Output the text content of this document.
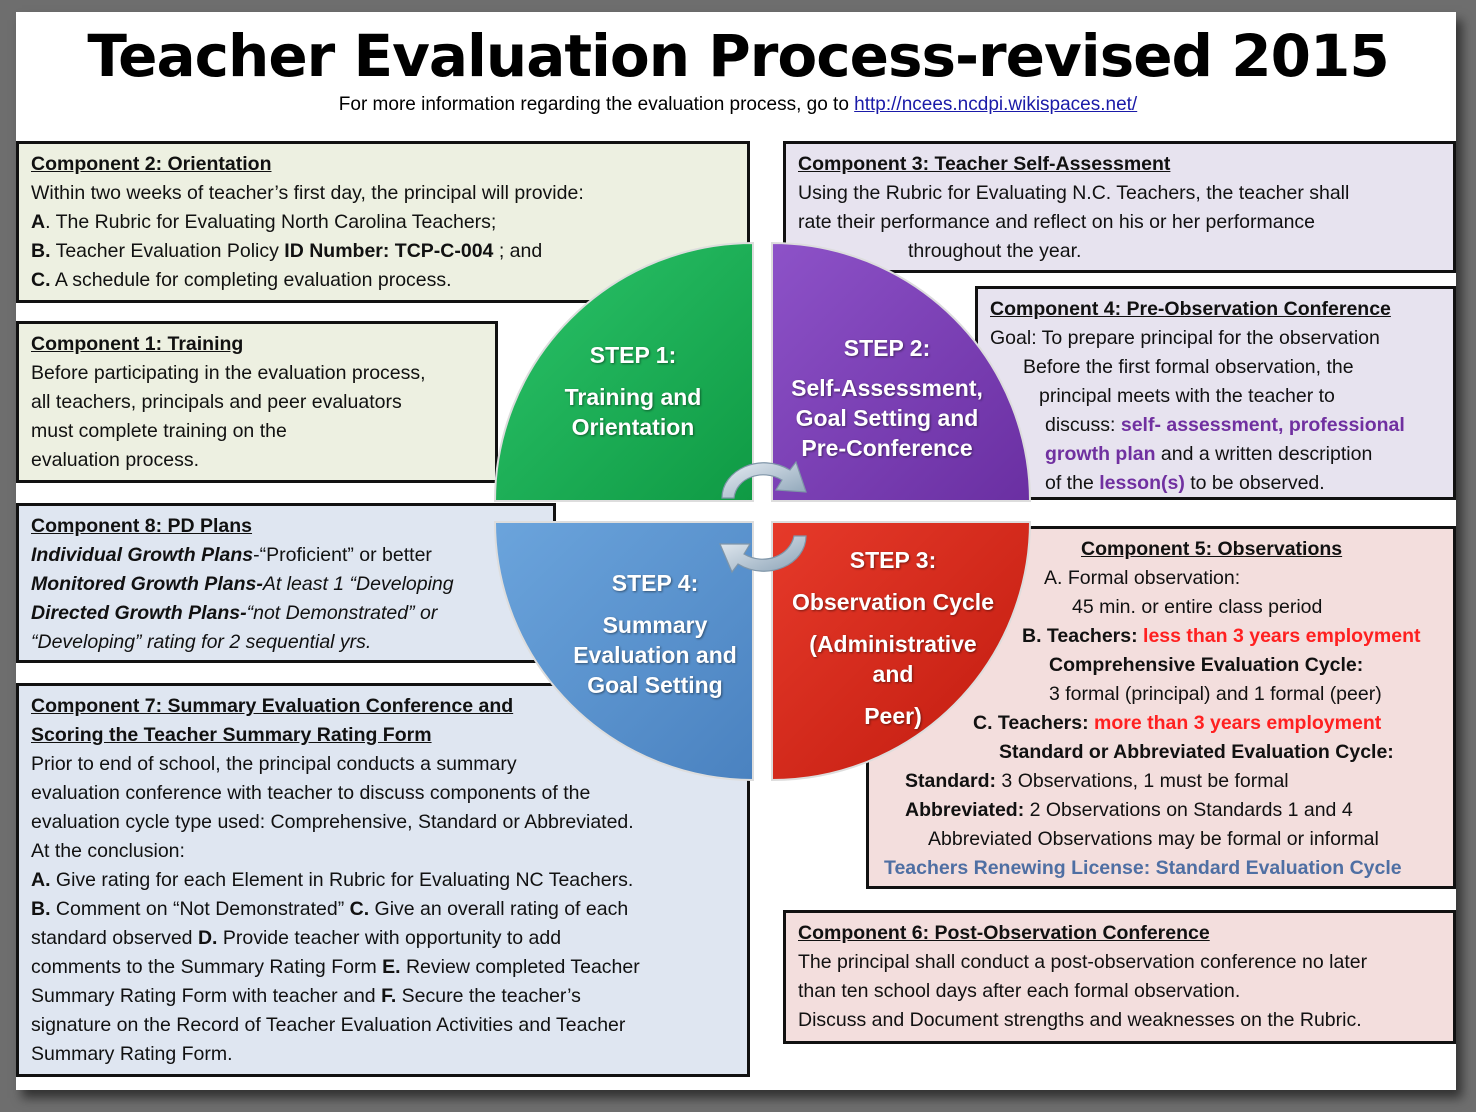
Teacher Evaluation Process-revised 2015
For more information regarding the evaluation process, go to http://ncees.ncdpi.wikispaces.net/
Component 2: Orientation
Within two weeks of teacher’s first day, the principal will provide:
A. The Rubric for Evaluating North Carolina Teachers;
B. Teacher Evaluation Policy ID Number: TCP-C-004 ; and
C. A schedule for completing evaluation process.
Component 1: Training
Before participating in the evaluation process,
all teachers, principals and peer evaluators
must complete training on the
evaluation process.
Component 8: PD Plans
Individual Growth Plans-“Proficient” or better
Monitored Growth Plans-At least 1 “Developing
Directed Growth Plans-“not Demonstrated” or
“Developing” rating for 2 sequential yrs.
Component 7: Summary Evaluation Conference and
Scoring the Teacher Summary Rating Form
Prior to end of school, the principal conducts a summary
evaluation conference with teacher to discuss components of the
evaluation cycle type used: Comprehensive, Standard or Abbreviated.
At the conclusion:
A. Give rating for each Element in Rubric for Evaluating NC Teachers.
B. Comment on “Not Demonstrated” C. Give an overall rating of each
standard observed D. Provide teacher with opportunity to add
comments to the Summary Rating Form E. Review completed Teacher
Summary Rating Form with teacher and F. Secure the teacher’s
signature on the Record of Teacher Evaluation Activities and Teacher
Summary Rating Form.
Component 3: Teacher Self-Assessment
Using the Rubric for Evaluating N.C. Teachers, the teacher shall
rate their performance and reflect on his or her performance
throughout the year.
Component 4: Pre-Observation Conference
Goal: To prepare principal for the observation
Before the first formal observation, the
principal meets with the teacher to
discuss: self- assessment, professional
growth plan and a written description
of the lesson(s) to be observed.
Component 5: Observations
A. Formal observation:
45 min. or entire class period
B. Teachers: less than 3 years employment
Comprehensive Evaluation Cycle:
3 formal (principal) and 1 formal (peer)
C. Teachers: more than 3 years employment
Standard or Abbreviated Evaluation Cycle:
Standard: 3 Observations, 1 must be formal
Abbreviated: 2 Observations on Standards 1 and 4
Abbreviated Observations may be formal or informal
Teachers Renewing License: Standard Evaluation Cycle
Component 6: Post-Observation Conference
The principal shall conduct a post-observation conference no later
than ten school days after each formal observation.
Discuss and Document strengths and weaknesses on the Rubric.
STEP 1:
Training and Orientation
STEP 2:
Self-Assessment, Goal Setting and Pre-Conference
STEP 3:
Observation Cycle
(Administrative
and
Peer)
STEP 4:
Summary Evaluation and Goal Setting
